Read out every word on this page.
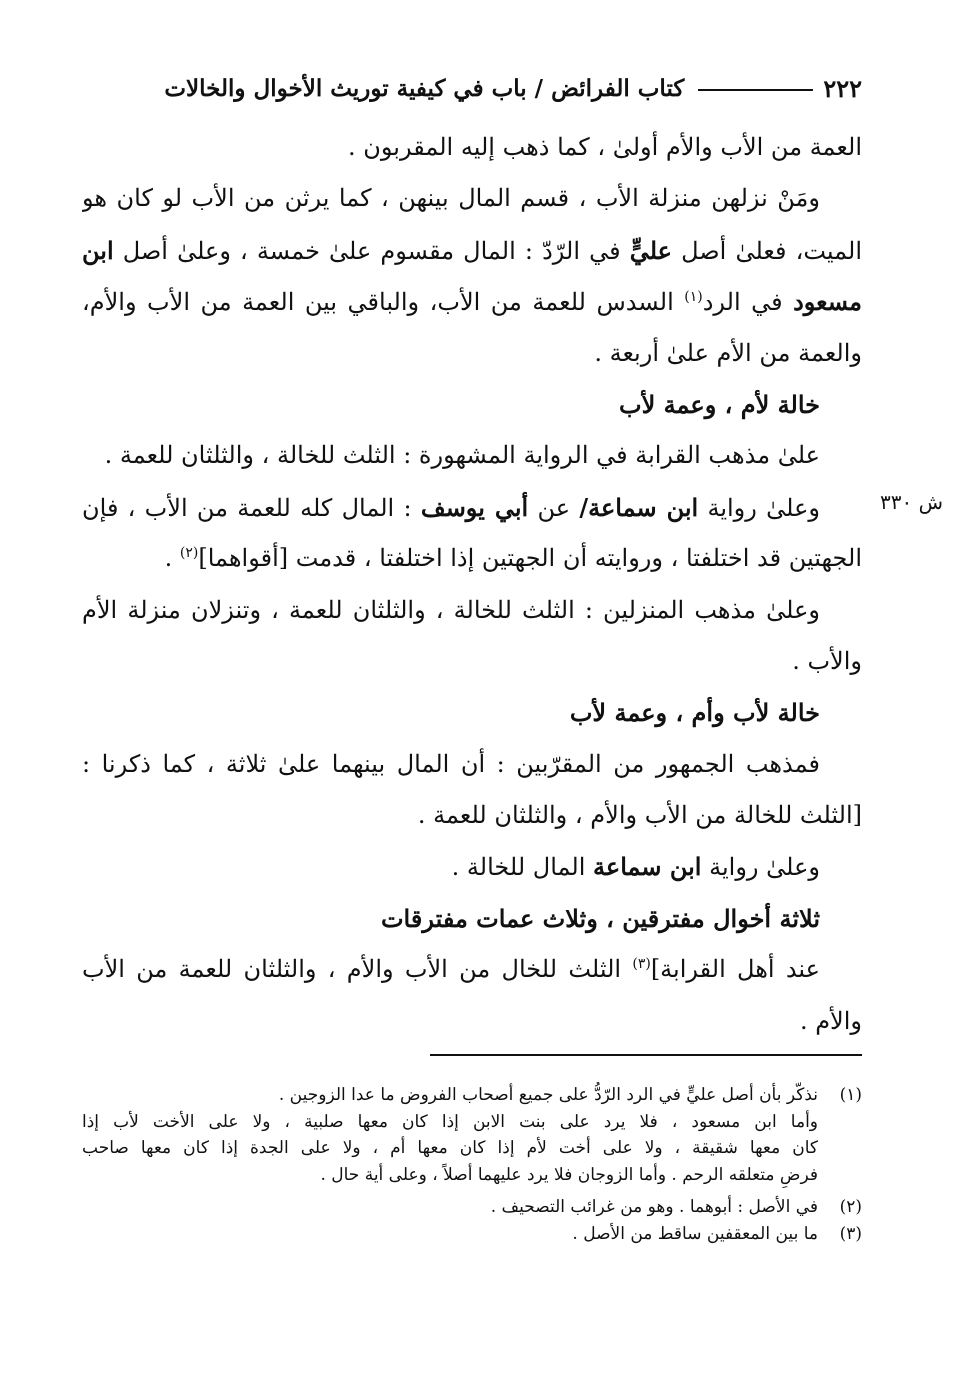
٢٢٢
كتاب الفرائض / باب في كيفية توريث الأخوال والخالات
ش ٣٣٠
العمة من الأب والأم أولىٰ ، كما ذهب إليه المقربون .
ومَنْ نزلهن منزلة الأب ، قسم المال بينهن ، كما يرثن من الأب لو كان هو
الميت، فعلىٰ أصل عليٍّ في الرّدّ : المال مقسوم علىٰ خمسة ، وعلىٰ أصل ابن
مسعود في الرد$^{(١)}$ السدس للعمة من الأب، والباقي بين العمة من الأب والأم،
والعمة من الأم علىٰ أربعة .
خالة لأم ، وعمة لأب
علىٰ مذهب القرابة في الرواية المشهورة : الثلث للخالة ، والثلثان للعمة .
وعلىٰ رواية ابن سماعة/ عن أبي يوسف : المال كله للعمة من الأب ، فإن
الجهتين قد اختلفتا ، وروايته أن الجهتين إذا اختلفتا ، قدمت [أقواهما]$^{(٢)}$ .
وعلىٰ مذهب المنزلين : الثلث للخالة ، والثلثان للعمة ، وتنزلان منزلة الأم
والأب .
خالة لأب وأم ، وعمة لأب
فمذهب الجمهور من المقرّبين : أن المال بينهما علىٰ ثلاثة ، كما ذكرنا :
[الثلث للخالة من الأب والأم ، والثلثان للعمة .
وعلىٰ رواية ابن سماعة المال للخالة .
ثلاثة أخوال مفترقين ، وثلاث عمات مفترقات
عند أهل القرابة]$^{(٣)}$ الثلث للخال من الأب والأم ، والثلثان للعمة من الأب
والأم .
(١)نذكّر بأن أصل عليٍّ في الرد الرّدُّ على جميع أصحاب الفروض ما عدا الزوجين .
وأما ابن مسعود ، فلا يرد على بنت الابن إذا كان معها صلبية ، ولا على الأخت لأب إذا
كان معها شقيقة ، ولا على أخت لأم إذا كان معها أم ، ولا على الجدة إذا كان معها صاحب
فرضٍ متعلقه الرحم . وأما الزوجان فلا يرد عليهما أصلاً ، وعلى أية حال .
(٢)في الأصل : أبوهما . وهو من غرائب التصحيف .
(٣)ما بين المعقفين ساقط من الأصل .
